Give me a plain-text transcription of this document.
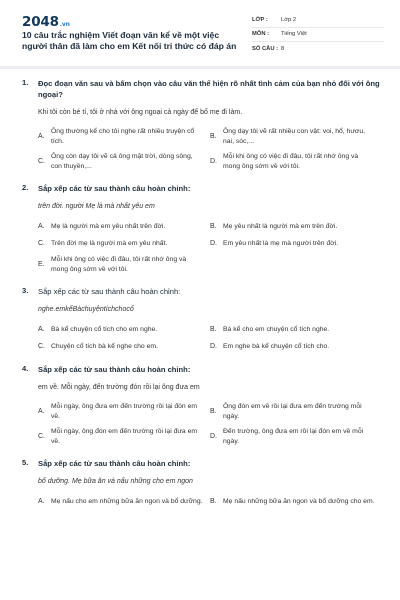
2048.vn
10 câu trắc nghiệm Viết đoạn văn kể về một việc người thân đã làm cho em Kết nối tri thức có đáp án
LỚP :	Lớp 2
MÔN :	Tiếng Việt
SỐ CÂU : 8
1. Đọc đoạn văn sau và bấm chọn vào câu văn thể hiện rõ nhất tình cảm của bạn nhỏ đối với ông ngoại?
Khi tôi còn bé tí, tôi ở nhà với ông ngoại cả ngày để bố mẹ đi làm.
A.
Ông thường kể cho tôi nghe rất nhiều truyện cổ tích.
B.
Ông dạy tôi vẽ rất nhiều con vật: voi, hổ, hươu, nai, sóc,...
C.
Ông còn dạy tôi vẽ cả ông mặt trời, dòng sông, con thuyền,...
D.
Mỗi khi ông có việc đi đâu, tôi rất nhớ ông và mong ông sớm về với tôi.
2. Sắp xếp các từ sau thành câu hoàn chỉnh:
trên đời. người Mẹ là mà nhất yêu em
A. Mẹ là người mà em yêu nhất trên đời.	B. Mẹ yêu nhất là người mà em trên đời.
C. Trên đời mẹ là người mà em yêu nhất.	D. Em yêu nhất là mẹ mà người trên đời.
E.
Mỗi khi ông có việc đi đâu, tôi rất nhớ ông và mong ông sớm về với tôi.
3. Sắp xếp các từ sau thành câu hoàn chỉnh:
nghe.emkểBàchuyệntíchchocổ
A. Bà kể chuyện cổ tích cho em nghe.	B. Bà kể cho em chuyện cổ tích nghe.
C. Chuyện cổ tích bà kể nghe cho em.	D. Em nghe bà kể chuyện cổ tích cho.
4. Sắp xếp các từ sau thành câu hoàn chỉnh:
em về. Mỗi ngày, đến trường đón rồi lại ông đưa em
A.
Mỗi ngày, ông đưa em đến trường rồi lại đón em về.
B.
Ông đón em về rồi lại đưa em đến trường mỗi ngày.
C.
Mỗi ngày, ông đón em đến trường rồi lại đưa em về.
D.
Đến trường, ông đưa em rồi lại đón em về mỗi ngày.
5. Sắp xếp các từ sau thành câu hoàn chỉnh:
bổ dưỡng. Mẹ bữa ăn và nấu những cho em ngon
A. Mẹ nấu cho em những bữa ăn ngon và bổ dưỡng. B. Mẹ nấu những bữa ăn ngon và bổ dưỡng cho em.
